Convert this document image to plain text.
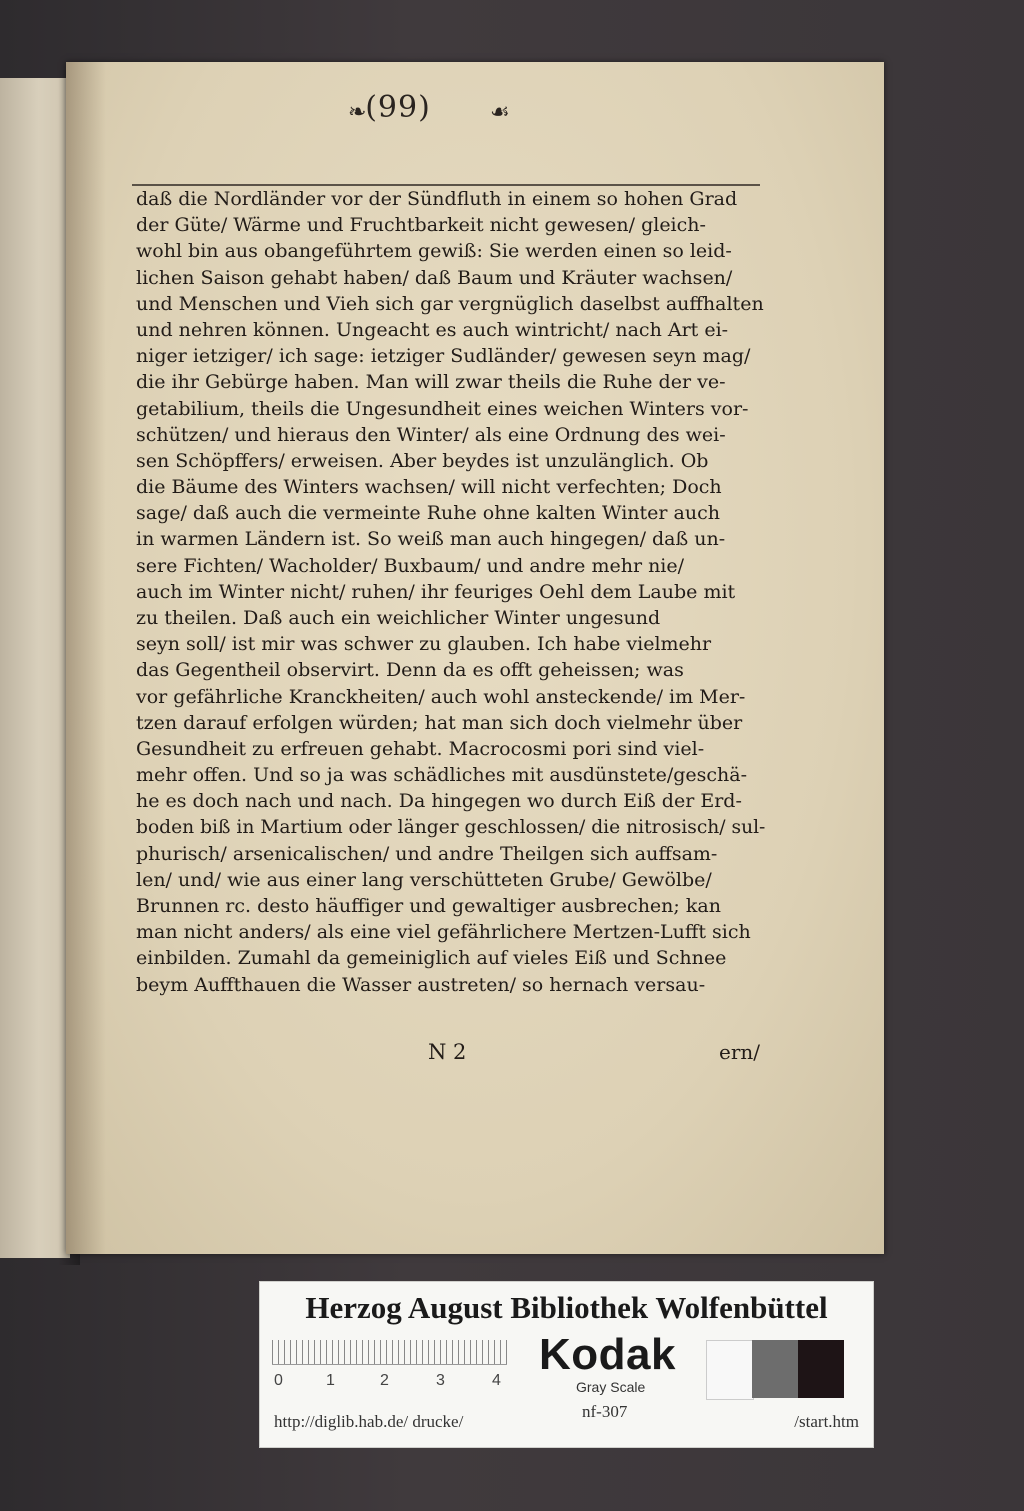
❧
(99)	☙
daß die Nordländer vor der Sündfluth in einem so hohen Grad
der Güte/ Wärme und Fruchtbarkeit nicht gewesen/ gleich-
wohl bin aus obangeführtem gewiß: Sie werden einen so leid-
lichen Saison gehabt haben/ daß Baum und Kräuter wachsen/
und Menschen und Vieh sich gar vergnüglich daselbst auffhalten
und nehren können. Ungeacht es auch wintricht/ nach Art ei-
niger ietziger/ ich sage: ietziger Sudländer/ gewesen seyn mag/
die ihr Gebürge haben. Man will zwar theils die Ruhe der ve-
getabilium, theils die Ungesundheit eines weichen Winters vor-
schützen/ und hieraus den Winter/ als eine Ordnung des wei-
sen Schöpffers/ erweisen. Aber beydes ist unzulänglich. Ob
die Bäume des Winters wachsen/ will nicht verfechten; Doch
sage/ daß auch die vermeinte Ruhe ohne kalten Winter auch
in warmen Ländern ist. So weiß man auch hingegen/ daß un-
sere Fichten/ Wacholder/ Buxbaum/ und andre mehr nie/
auch im Winter nicht/ ruhen/ ihr feuriges Oehl dem Laube mit
zu theilen. Daß auch ein weichlicher Winter ungesund
seyn soll/ ist mir was schwer zu glauben. Ich habe vielmehr
das Gegentheil observirt. Denn da es offt geheissen; was
vor gefährliche Kranckheiten/ auch wohl ansteckende/ im Mer-
tzen darauf erfolgen würden; hat man sich doch vielmehr über
Gesundheit zu erfreuen gehabt. Macrocosmi pori sind viel-
mehr offen. Und so ja was schädliches mit ausdünstete/geschä-
he es doch nach und nach. Da hingegen wo durch Eiß der Erd-
boden biß in Martium oder länger geschlossen/ die nitrosisch/ sul-
phurisch/ arsenicalischen/ und andre Theilgen sich auffsam-
len/ und/ wie aus einer lang verschütteten Grube/ Gewölbe/
Brunnen rc. desto häuffiger und gewaltiger ausbrechen; kan
man nicht anders/ als eine viel gefährlichere Mertzen-Lufft sich
einbilden. Zumahl da gemeiniglich auf vieles Eiß und Schnee
beym Auffthauen die Wasser austreten/ so hernach versau-
N 2	ern/
Herzog August Bibliothek Wolfenbüttel
0	1	2	3	4
Kodak
Gray Scale
http://diglib.hab.de/ drucke/
nf-307
/start.htm
